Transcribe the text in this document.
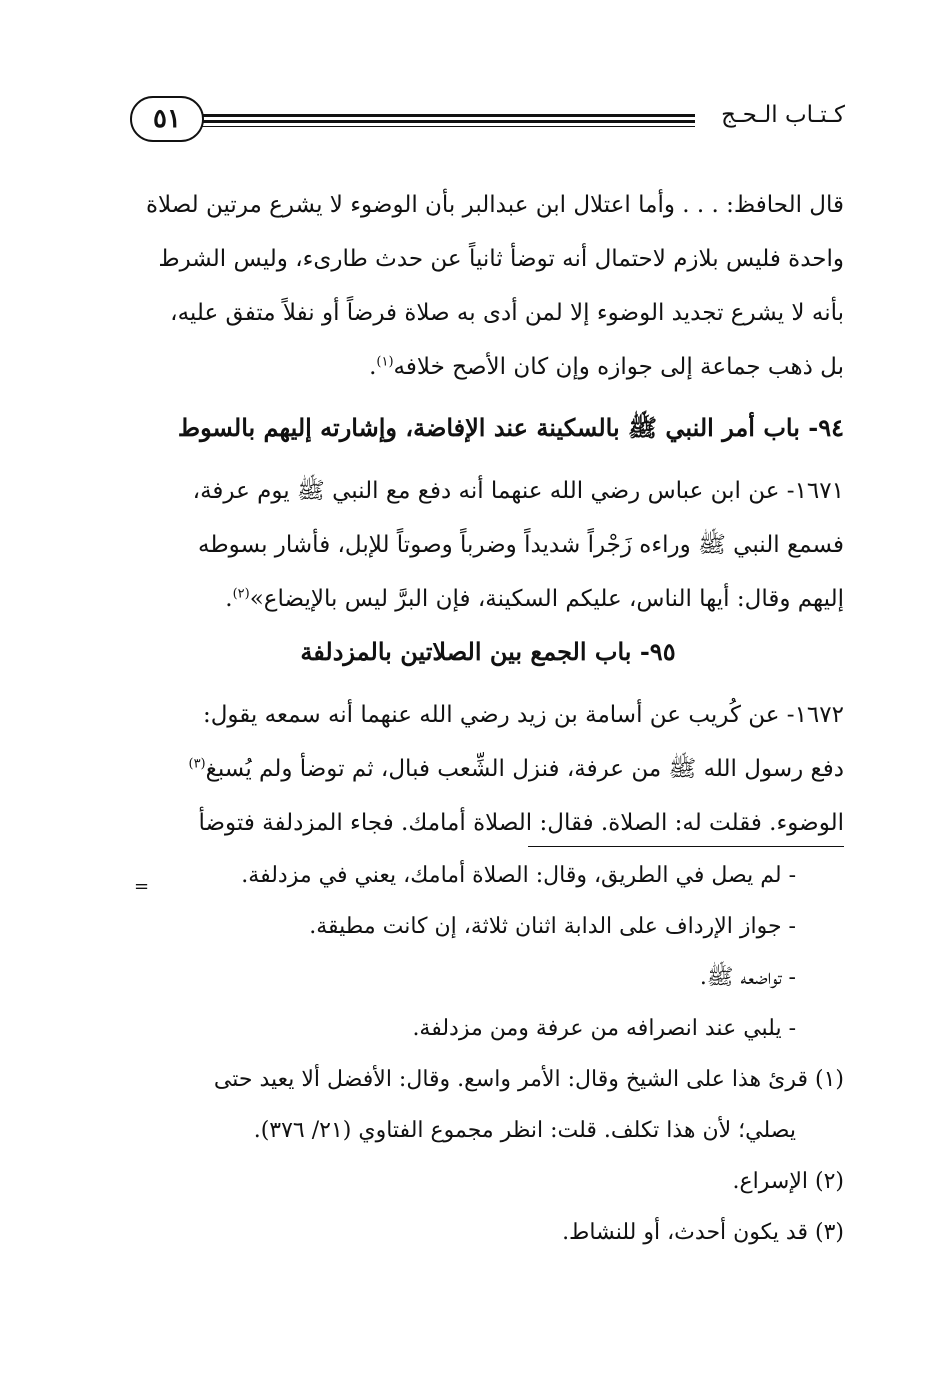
٥١	كـتـاب الـحـج

قال الحافظ: . . . وأما اعتلال ابن عبدالبر بأن الوضوء لا يشرع مرتين لصلاة

واحدة فليس بلازم لاحتمال أنه توضأ ثانياً عن حدث طارىء، وليس الشرط

بأنه لا يشرع تجديد الوضوء إلا لمن أدى به صلاة فرضاً أو نفلاً متفق عليه،

بل ذهب جماعة إلى جوازه وإن كان الأصح خلافه$^{(١)}$.

٩٤- باب أمر النبي ﷺ بالسكينة عند الإفاضة، وإشارته إليهم بالسوط

١٦٧١- عن ابن عباس رضي الله عنهما أنه دفع مع النبي ﷺ يوم عرفة،

فسمع النبي ﷺ وراءه زَجْراً شديداً وضرباً وصوتاً للإبل، فأشار بسوطه

إليهم وقال: أيها الناس، عليكم السكينة، فإن البرَّ ليس بالإيضاع»$^{(٢)}$.

٩٥- باب الجمع بين الصلاتين بالمزدلفة

١٦٧٢- عن كُريب عن أسامة بن زيد رضي الله عنهما أنه سمعه يقول:

دفع رسول الله ﷺ من عرفة، فنزل الشِّعب فبال، ثم توضأ ولم يُسبغ$^{(٣)}$

الوضوء. فقلت له: الصلاة. فقال: الصلاة أمامك. فجاء المزدلفة فتوضأ

=	- لم يصل في الطريق، وقال: الصلاة أمامك، يعني في مزدلفة.

- جواز الإرداف على الدابة اثنان ثلاثة، إن كانت مطيقة.

- تواضعه ﷺ.

- يلبي عند انصرافه من عرفة ومن مزدلفة.

(١) قرئ هذا على الشيخ وقال: الأمر واسع. وقال: الأفضل ألا يعيد حتى

يصلي؛ لأن هذا تكلف. قلت: انظر مجموع الفتاوي (٢١/ ٣٧٦).

(٢) الإسراع.

(٣) قد يكون أحدث، أو للنشاط.
